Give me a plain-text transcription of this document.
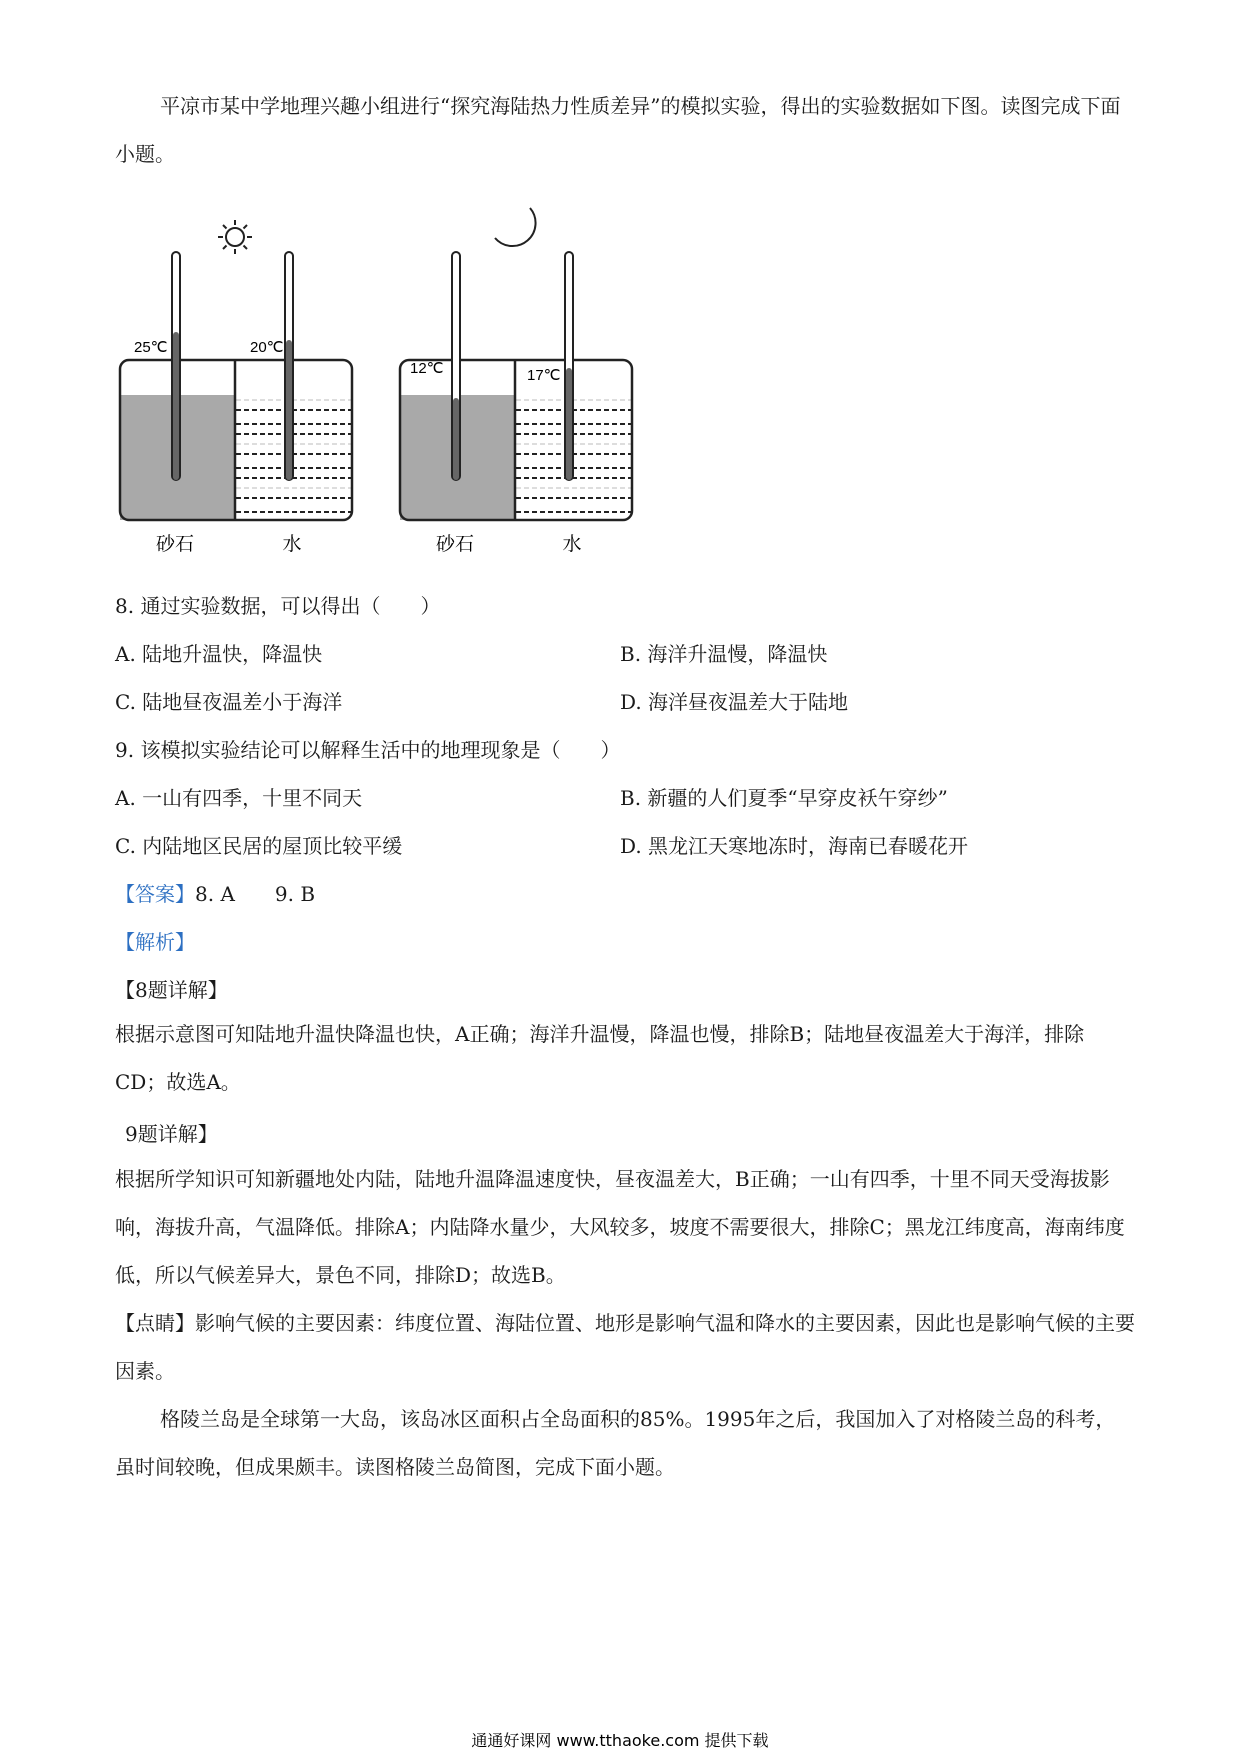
平凉市某中学地理兴趣小组进行“探究海陆热力性质差异”的模拟实验，得出的实验数据如下图。读图完成下面小题。

25℃	20℃
砂石	水
12℃	17℃
砂石	水
8. 通过实验数据，可以得出（　　）
A. 陆地升温快，降温快	B. 海洋升温慢，降温快
C. 陆地昼夜温差小于海洋	D. 海洋昼夜温差大于陆地
9. 该模拟实验结论可以解释生活中的地理现象是（　　）
A. 一山有四季，十里不同天	B. 新疆的人们夏季“早穿皮袄午穿纱”
C. 内陆地区民居的屋顶比较平缓	D. 黑龙江天寒地冻时，海南已春暖花开
【答案】8. A　　9. B
【解析】
【8题详解】

根据示意图可知陆地升温快降温也快，A正确；海洋升温慢，降温也慢，排除B；陆地昼夜温差大于海洋，排除CD；故选A。

9题详解】

根据所学知识可知新疆地处内陆，陆地升温降温速度快，昼夜温差大，B正确；一山有四季，十里不同天受海拔影响，海拔升高，气温降低。排除A；内陆降水量少，大风较多，坡度不需要很大，排除C；黑龙江纬度高，海南纬度低，所以气候差异大，景色不同，排除D；故选B。

【点睛】影响气候的主要因素：纬度位置、海陆位置、地形是影响气温和降水的主要因素，因此也是影响气候的主要因素。

格陵兰岛是全球第一大岛，该岛冰区面积占全岛面积的85%。1995年之后，我国加入了对格陵兰岛的科考，虽时间较晚，但成果颇丰。读图格陵兰岛简图，完成下面小题。

通通好课网 www.tthaoke.com 提供下载
